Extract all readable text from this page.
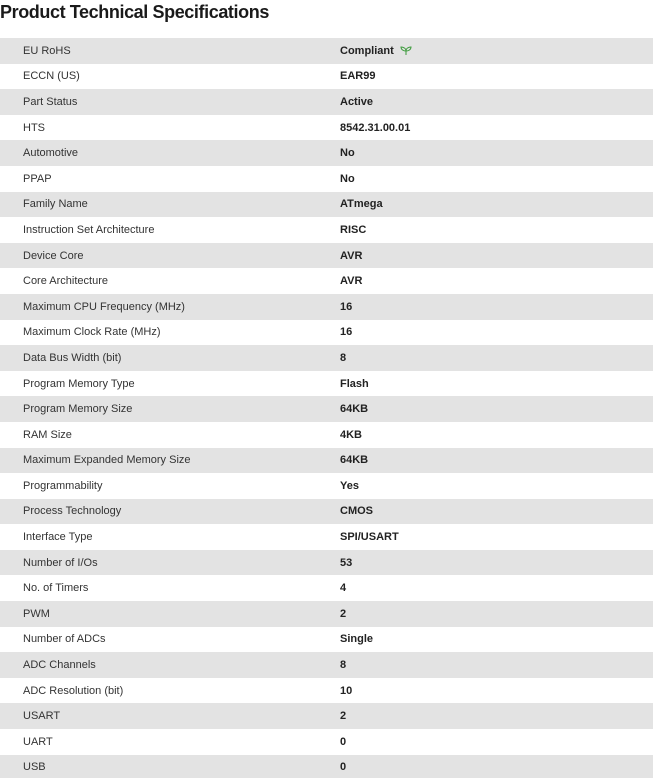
Product Technical Specifications
EU RoHS	Compliant
ECCN (US)	EAR99
Part Status	Active
HTS	8542.31.00.01
Automotive	No
PPAP	No
Family Name	ATmega
Instruction Set Architecture	RISC
Device Core	AVR
Core Architecture	AVR
Maximum CPU Frequency (MHz)	16
Maximum Clock Rate (MHz)	16
Data Bus Width (bit)	8
Program Memory Type	Flash
Program Memory Size	64KB
RAM Size	4KB
Maximum Expanded Memory Size	64KB
Programmability	Yes
Process Technology	CMOS
Interface Type	SPI/USART
Number of I/Os	53
No. of Timers	4
PWM	2
Number of ADCs	Single
ADC Channels	8
ADC Resolution (bit)	10
USART	2
UART	0
USB	0
